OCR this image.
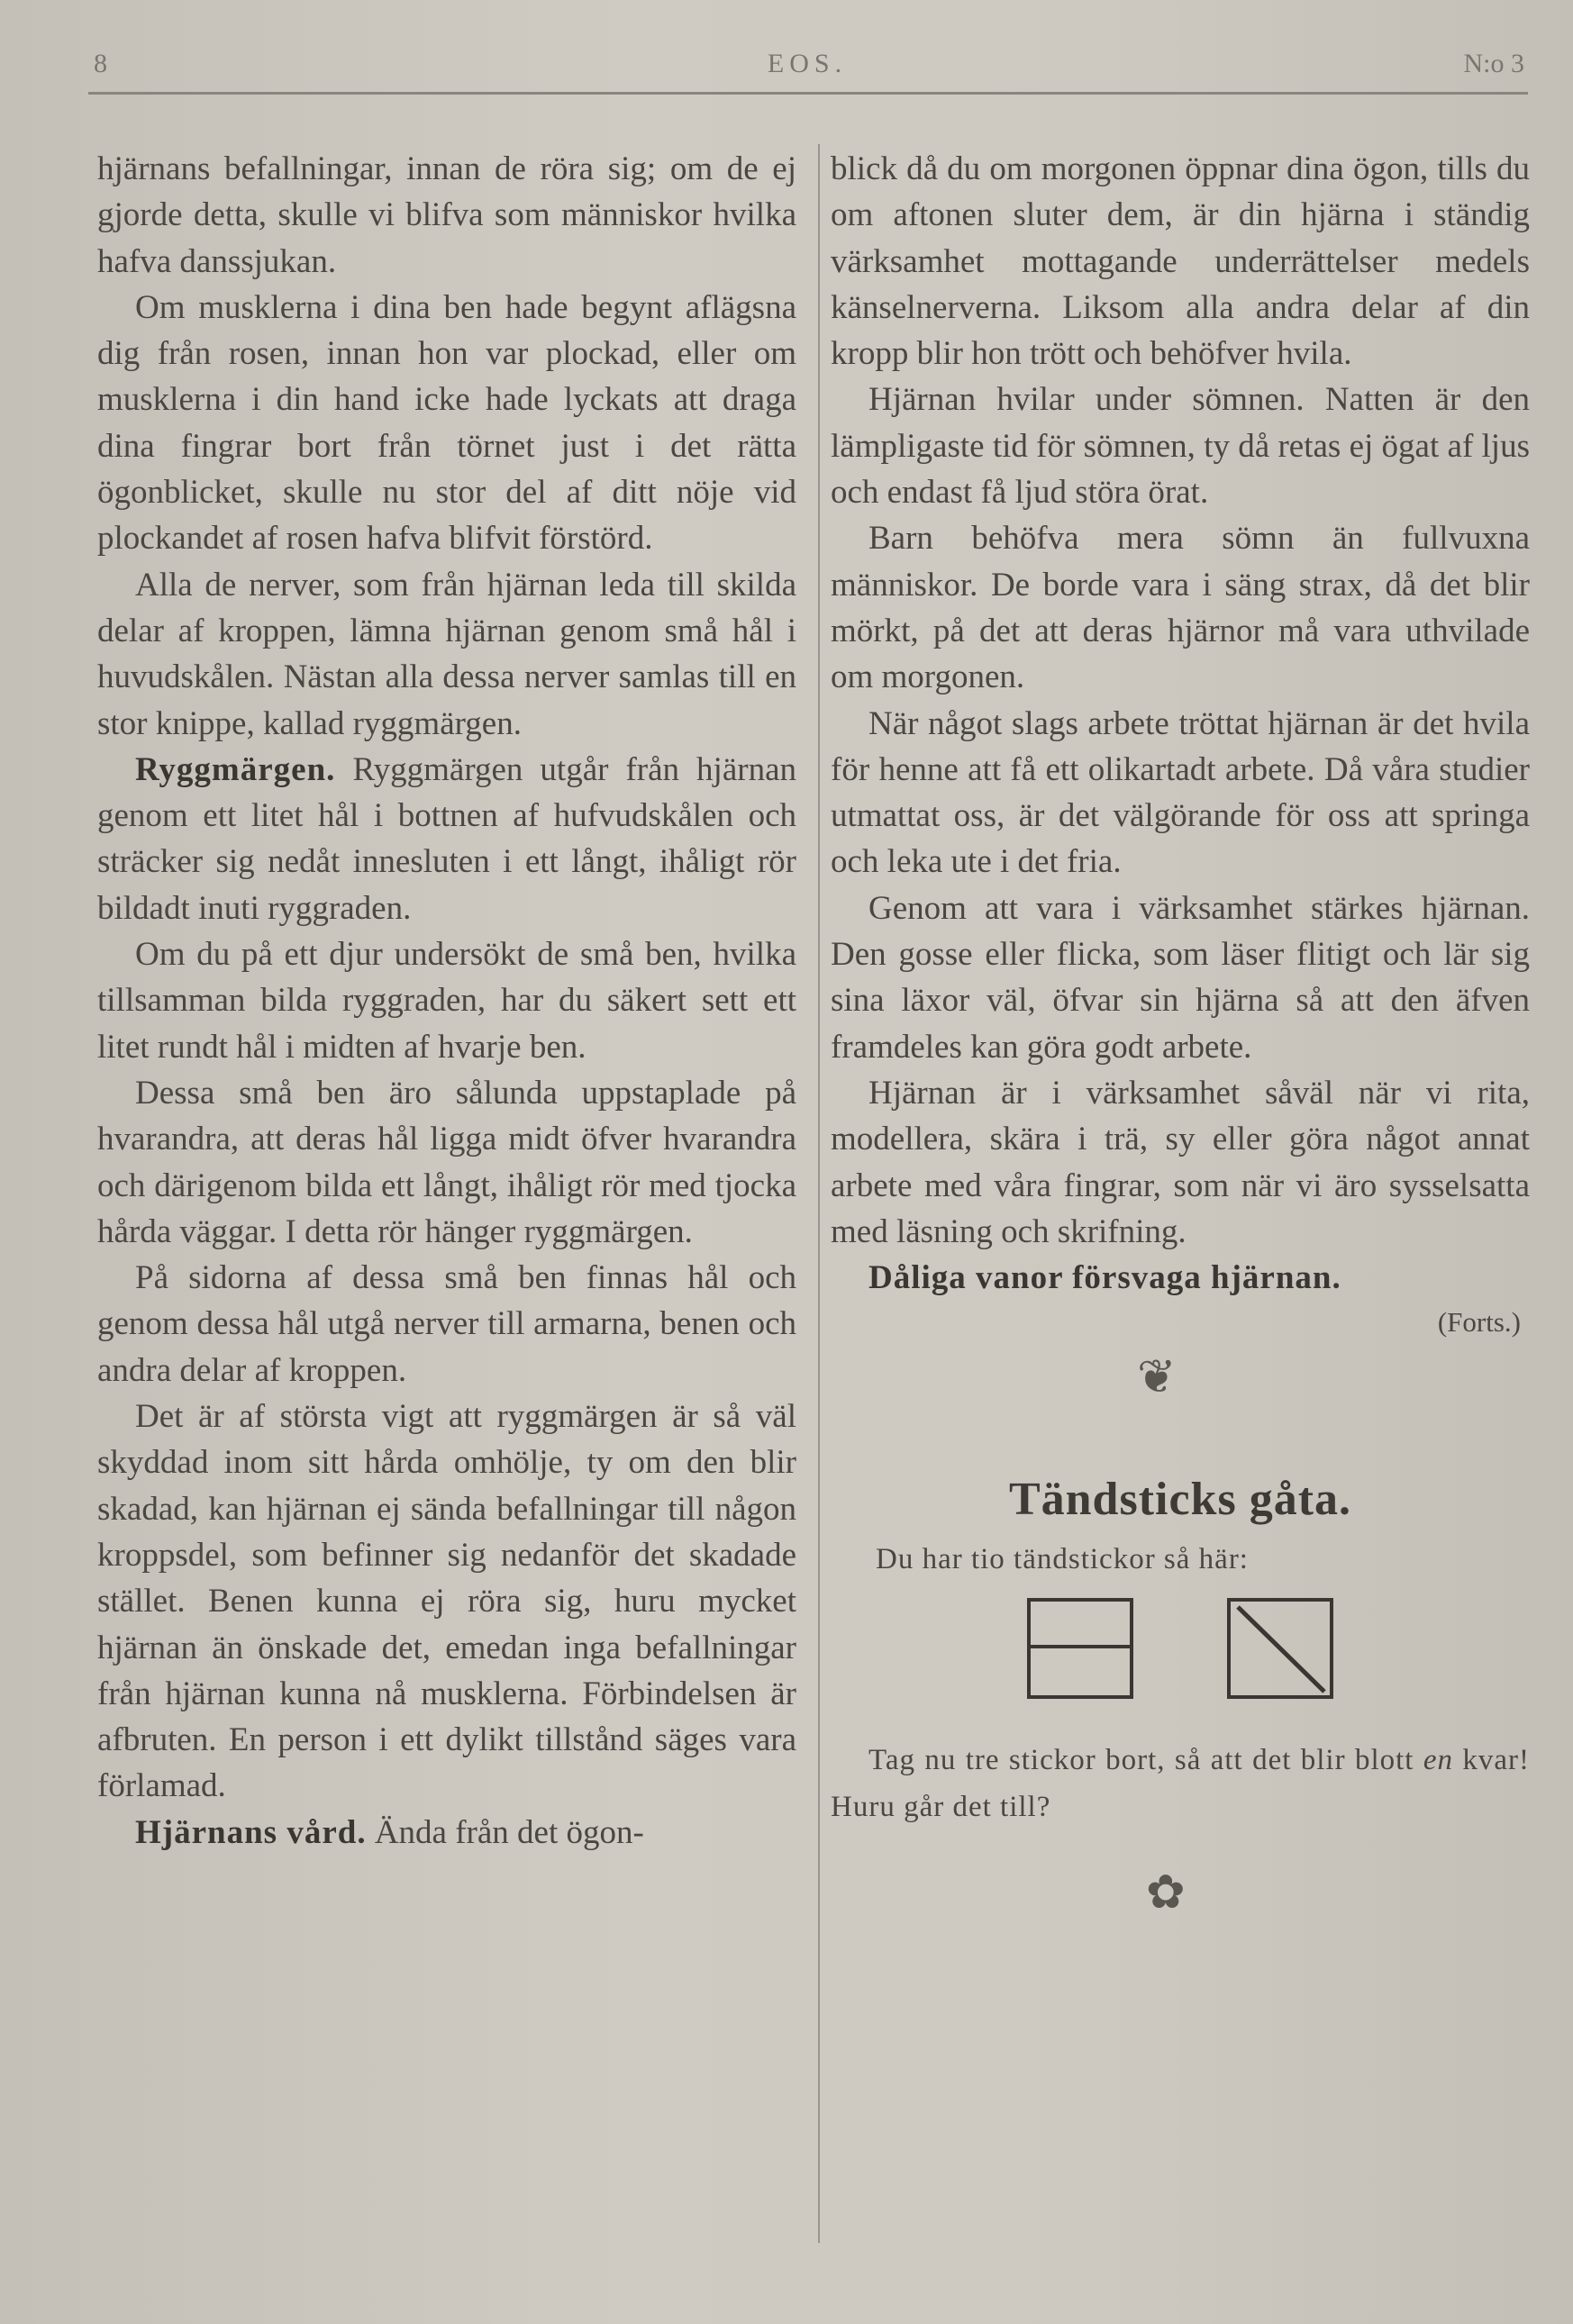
8	EOS.	N:o 3

hjärnans befallningar, innan de röra sig; om de ej gjorde detta, skulle vi blifva som människor hvilka hafva danssjukan.

Om musklerna i dina ben hade begynt aflägsna dig från rosen, innan hon var plockad, eller om musklerna i din hand icke hade lyckats att draga dina fingrar bort från törnet just i det rätta ögonblicket, skulle nu stor del af ditt nöje vid plockandet af rosen hafva blifvit förstörd.

Alla de nerver, som från hjärnan leda till skilda delar af kroppen, lämna hjärnan genom små hål i huvudskålen. Nästan alla dessa nerver samlas till en stor knippe, kallad ryggmärgen.

Ryggmärgen. Ryggmärgen utgår från hjärnan genom ett litet hål i bottnen af hufvudskålen och sträcker sig nedåt innesluten i ett långt, ihåligt rör bildadt inuti ryggraden.

Om du på ett djur undersökt de små ben, hvilka tillsamman bilda ryggraden, har du säkert sett ett litet rundt hål i midten af hvarje ben.

Dessa små ben äro sålunda uppstaplade på hvarandra, att deras hål ligga midt öfver hvarandra och därigenom bilda ett långt, ihåligt rör med tjocka hårda väggar. I detta rör hänger ryggmärgen.

På sidorna af dessa små ben finnas hål och genom dessa hål utgå nerver till armarna, benen och andra delar af kroppen.

Det är af största vigt att ryggmärgen är så väl skyddad inom sitt hårda omhölje, ty om den blir skadad, kan hjärnan ej sända befallningar till någon kroppsdel, som befinner sig nedanför det skadade stället. Benen kunna ej röra sig, huru mycket hjärnan än önskade det, emedan inga befallningar från hjärnan kunna nå musklerna. Förbindelsen är afbruten. En person i ett dylikt tillstånd säges vara förlamad.

Hjärnans vård. Ända från det ögon-

blick då du om morgonen öppnar dina ögon, tills du om aftonen sluter dem, är din hjärna i ständig värksamhet mottagande underrättelser medels känselnerverna. Liksom alla andra delar af din kropp blir hon trött och behöfver hvila.

Hjärnan hvilar under sömnen. Natten är den lämpligaste tid för sömnen, ty då retas ej ögat af ljus och endast få ljud störa örat.

Barn behöfva mera sömn än fullvuxna människor. De borde vara i säng strax, då det blir mörkt, på det att deras hjärnor må vara uthvilade om morgonen.

När något slags arbete tröttat hjärnan är det hvila för henne att få ett olikartadt arbete. Då våra studier utmattat oss, är det välgörande för oss att springa och leka ute i det fria.

Genom att vara i värksamhet stärkes hjärnan. Den gosse eller flicka, som läser flitigt och lär sig sina läxor väl, öfvar sin hjärna så att den äfven framdeles kan göra godt arbete.

Hjärnan är i värksamhet såväl när vi rita, modellera, skära i trä, sy eller göra något annat arbete med våra fingrar, som när vi äro sysselsatta med läsning och skrifning.

Dåliga vanor försvaga hjärnan.

(Forts.)
❦
Tändsticks gåta.
Du har tio tändstickor så här:
Tag nu tre stickor bort, så att det blir blott en kvar! Huru går det till?
✿
